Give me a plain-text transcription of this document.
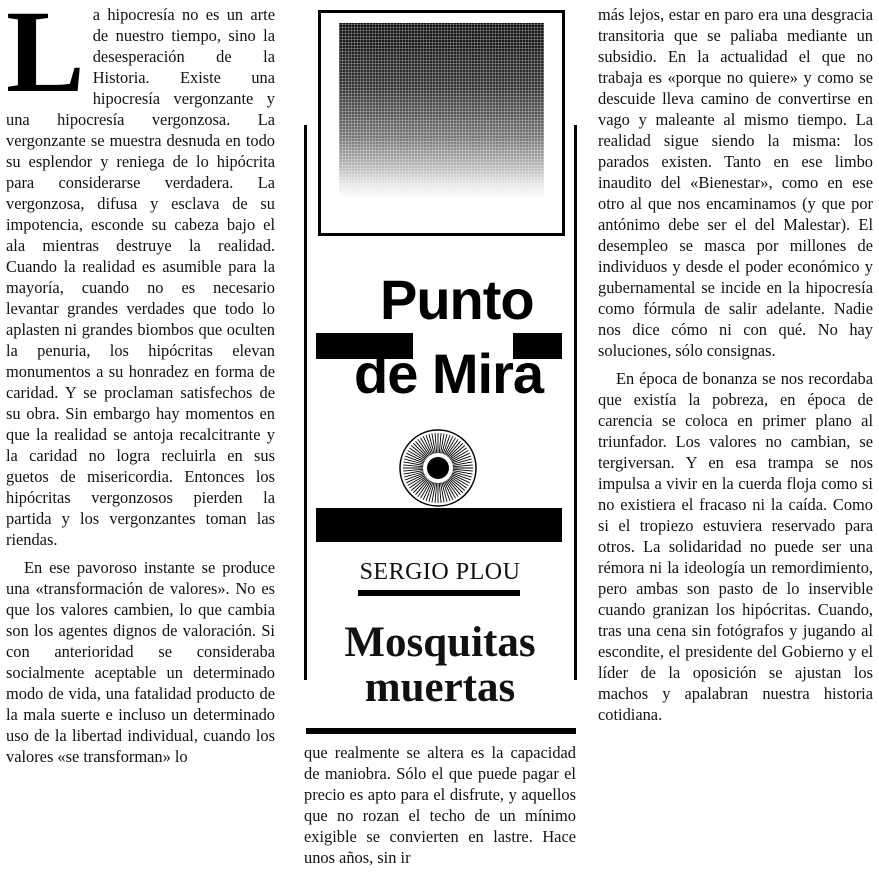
La hipocresía no es un arte de nuestro tiempo, sino la desesperación de la Historia. Existe una hipocresía vergonzante y una hipocresía vergonzosa. La vergonzante se muestra desnuda en todo su esplendor y reniega de lo hipócrita para considerarse verdadera. La vergonzosa, difusa y esclava de su impotencia, esconde su cabeza bajo el ala mientras destruye la realidad. Cuando la realidad es asumible para la mayoría, cuando no es necesario levantar grandes verdades que todo lo aplasten ni grandes biombos que oculten la penuria, los hipócritas elevan monumentos a su honradez en forma de caridad. Y se proclaman satisfechos de su obra. Sin embargo hay momentos en que la realidad se antoja recalcitrante y la caridad no logra recluirla en sus guetos de misericordia. Entonces los hipócritas vergonzosos pierden la partida y los vergonzantes toman las riendas.

En ese pavoroso instante se produce una «transformación de valores». No es que los valores cambien, lo que cambia son los agentes dignos de valoración. Si con anterioridad se consideraba socialmente aceptable un determinado modo de vida, una fatalidad producto de la mala suerte e incluso un determinado uso de la libertad individual, cuando los valores «se transforman» lo

Punto
de Mira
SERGIO PLOU
Mosquitas
muertas

que realmente se altera es la capacidad de maniobra. Sólo el que puede pagar el precio es apto para el disfrute, y aquellos que no rozan el techo de un mínimo exigible se convierten en lastre. Hace unos años, sin ir

más lejos, estar en paro era una desgracia transitoria que se paliaba mediante un subsidio. En la actualidad el que no trabaja es «porque no quiere» y como se descuide lleva camino de convertirse en vago y maleante al mismo tiempo. La realidad sigue siendo la misma: los parados existen. Tanto en ese limbo inaudito del «Bienestar», como en ese otro al que nos encaminamos (y que por antónimo debe ser el del Malestar). El desempleo se masca por millones de individuos y desde el poder económico y gubernamental se incide en la hipocresía como fórmula de salir adelante. Nadie nos dice cómo ni con qué. No hay soluciones, sólo consignas.

En época de bonanza se nos recordaba que existía la pobreza, en época de carencia se coloca en primer plano al triunfador. Los valores no cambian, se tergiversan. Y en esa trampa se nos impulsa a vivir en la cuerda floja como si no existiera el fracaso ni la caída. Como si el tropiezo estuviera reservado para otros. La solidaridad no puede ser una rémora ni la ideología un remordimiento, pero ambas son pasto de lo inservible cuando granizan los hipócritas. Cuando, tras una cena sin fotógrafos y jugando al escondite, el presidente del Gobierno y el líder de la oposición se ajustan los machos y apalabran nuestra historia cotidiana.
